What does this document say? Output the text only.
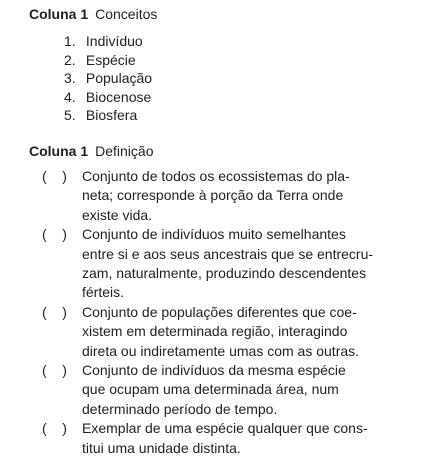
Coluna 1 Conceitos
1. Indivíduo
2. Espécie
3. População
4. Biocenose
5. Biosfera
Coluna 1 Definição
(    )	Conjunto de todos os ecossistemas do pla-
neta; corresponde à porção da Terra onde
existe vida.
(    )	Conjunto de indivíduos muito semelhantes
entre si e aos seus ancestrais que se entrecru-
zam, naturalmente, produzindo descendentes
férteis.
(    )	Conjunto de populações diferentes que coe-
xistem em determinada região, interagindo
direta ou indiretamente umas com as outras.
(    )	Conjunto de indivíduos da mesma espécie
que ocupam uma determinada área, num
determinado período de tempo.
(    )	Exemplar de uma espécie qualquer que cons-
titui uma unidade distinta.
